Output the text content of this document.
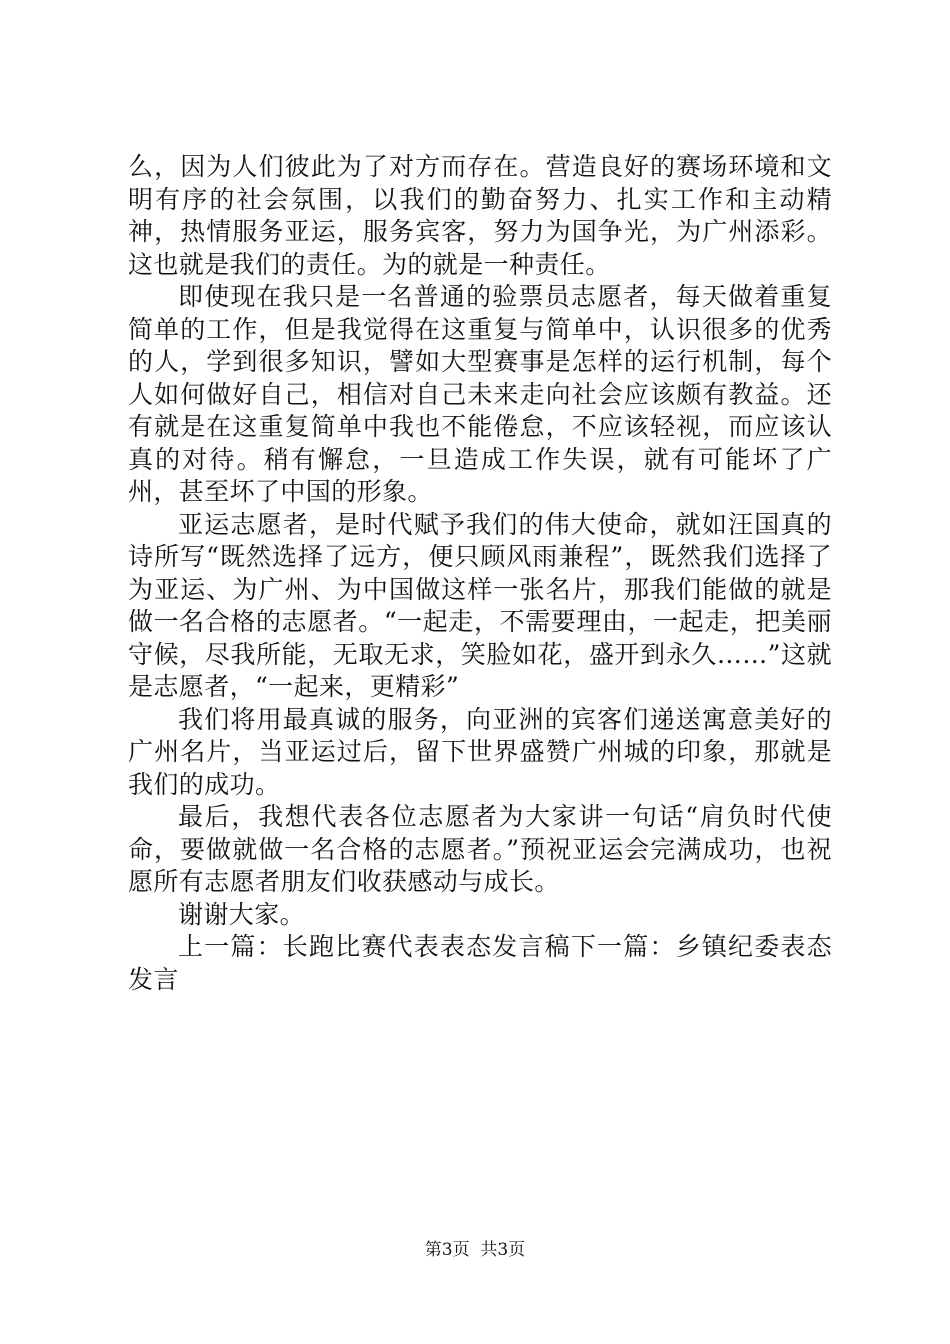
么，因为人们彼此为了对方而存在。营造良好的赛场环境和文明有序的社会氛围，以我们的勤奋努力、扎实工作和主动精神，热情服务亚运，服务宾客，努力为国争光，为广州添彩。这也就是我们的责任。为的就是一种责任。

即使现在我只是一名普通的验票员志愿者，每天做着重复简单的工作，但是我觉得在这重复与简单中，认识很多的优秀的人，学到很多知识，譬如大型赛事是怎样的运行机制，每个人如何做好自己，相信对自己未来走向社会应该颇有教益。还有就是在这重复简单中我也不能倦怠，不应该轻视，而应该认真的对待。稍有懈怠，一旦造成工作失误，就有可能坏了广州，甚至坏了中国的形象。

亚运志愿者，是时代赋予我们的伟大使命，就如汪国真的诗所写“既然选择了远方，便只顾风雨兼程”，既然我们选择了为亚运、为广州、为中国做这样一张名片，那我们能做的就是做一名合格的志愿者。“一起走，不需要理由，一起走，把美丽守候，尽我所能，无取无求，笑脸如花，盛开到永久……”这就是志愿者，“一起来，更精彩”

我们将用最真诚的服务，向亚洲的宾客们递送寓意美好的广州名片，当亚运过后，留下世界盛赞广州城的印象，那就是我们的成功。

最后，我想代表各位志愿者为大家讲一句话“肩负时代使命，要做就做一名合格的志愿者。”预祝亚运会完满成功，也祝愿所有志愿者朋友们收获感动与成长。

谢谢大家。

上一篇：长跑比赛代表表态发言稿下一篇：乡镇纪委表态发言

第3页  共3页
